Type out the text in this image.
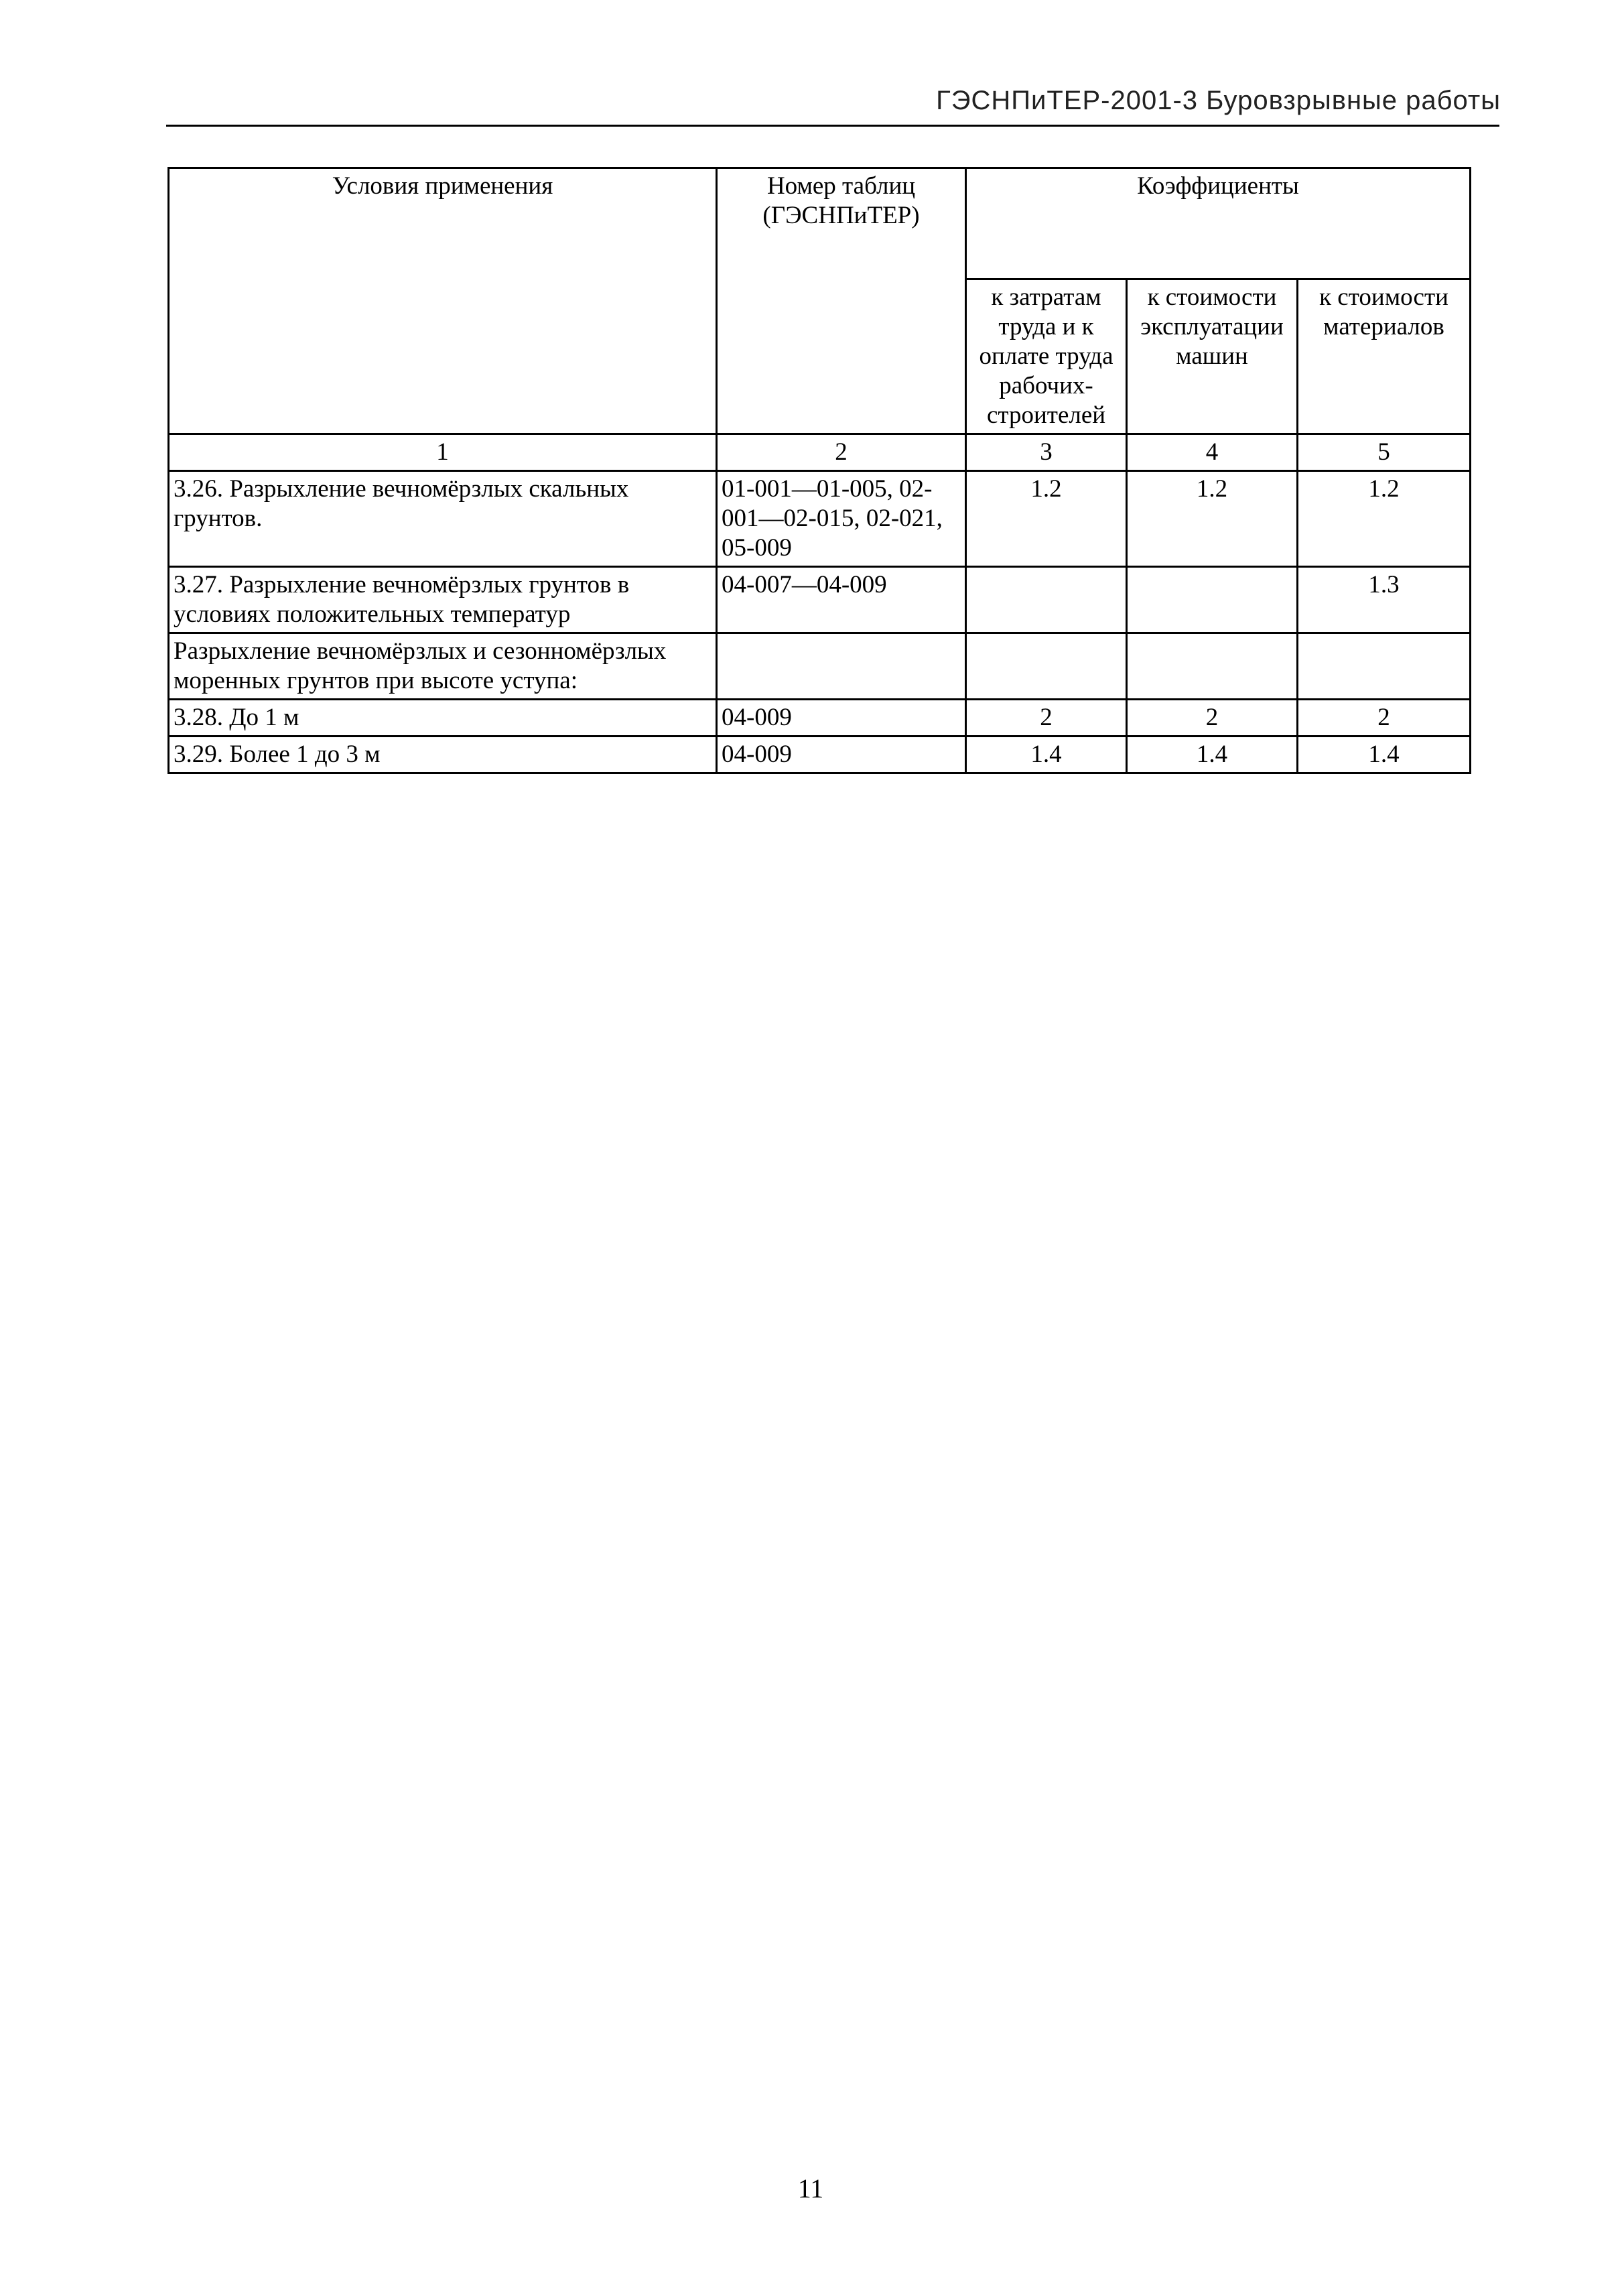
ГЭСНПиТЕР-2001-3 Буровзрывные работы
Условия применения	Номер таблиц (ГЭСНПиТЕР)	Коэффициенты		
		к затратам труда и к оплате труда рабочих-строителей	к стоимости эксплуатации машин	к стоимости материалов
1	2	3	4	5
3.26. Разрыхление вечномёрзлых скальных грунтов.	01-001—01-005, 02-001—02-015, 02-021, 05-009	1.2	1.2	1.2
3.27. Разрыхление вечномёрзлых грунтов в условиях положительных температур	04-007—04-009			1.3
Разрыхление вечномёрзлых и сезонномёрзлых моренных грунтов при высоте уступа:				
3.28. До 1 м	04-009	2	2	2
3.29. Более 1 до 3 м	04-009	1.4	1.4	1.4
11
